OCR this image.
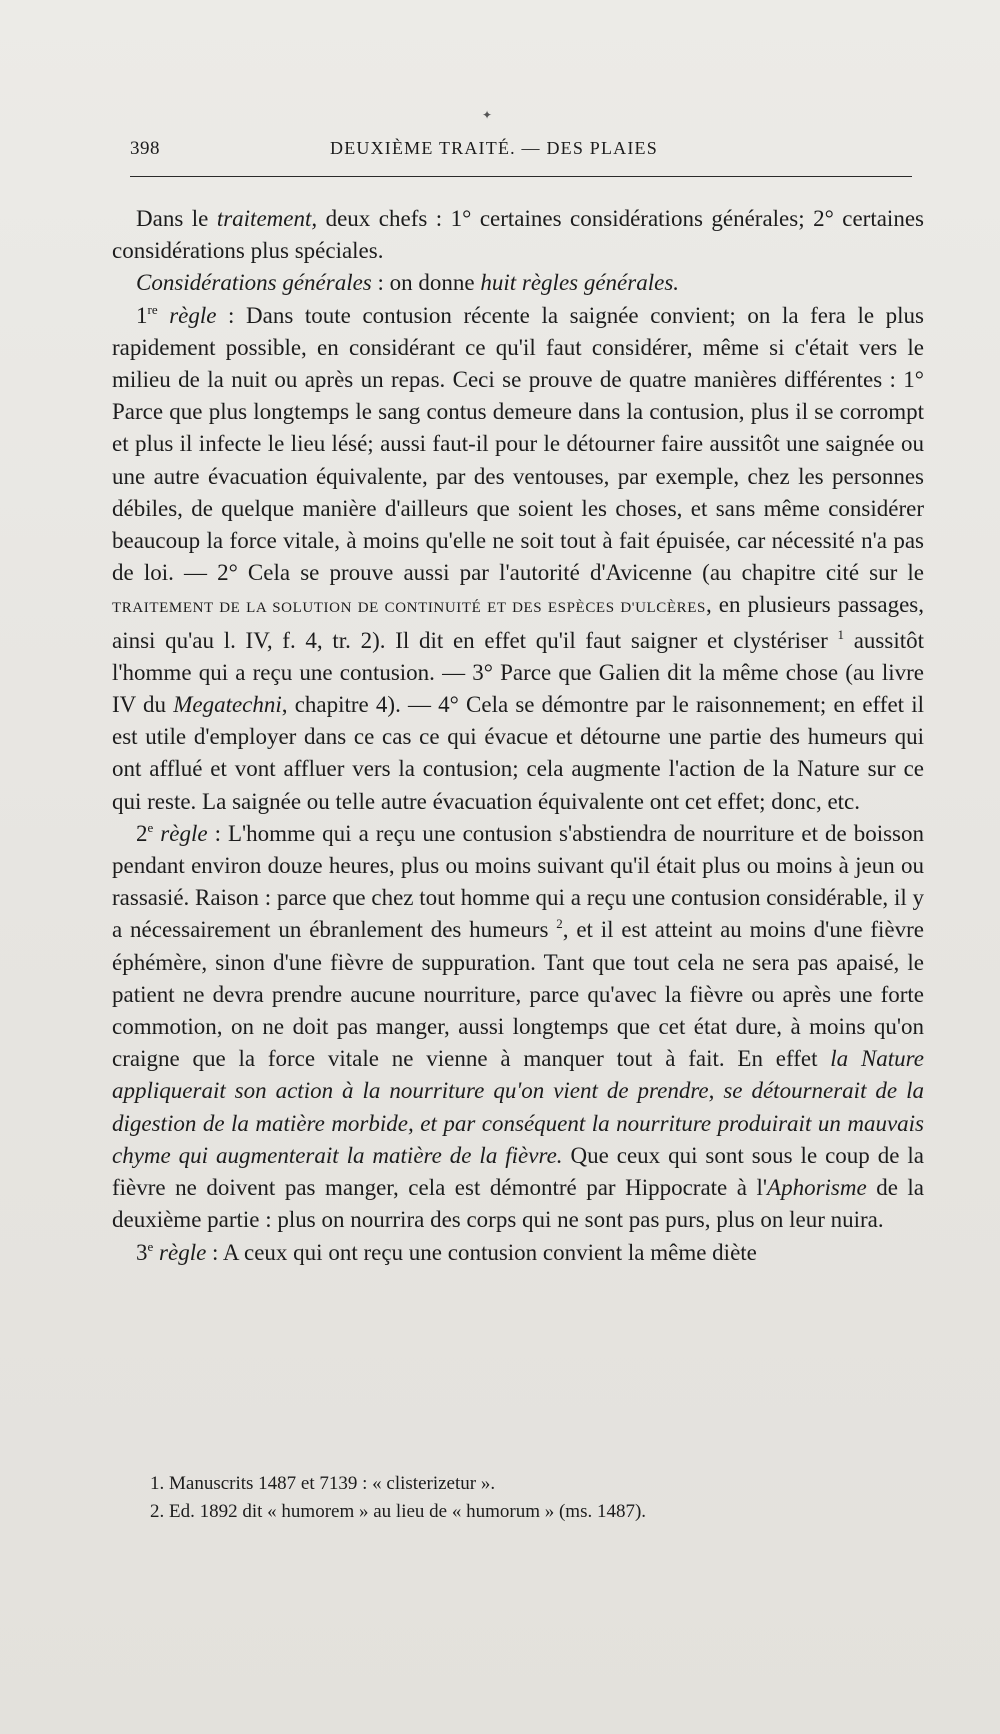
✦
398	DEUXIÈME TRAITÉ. — DES PLAIES

Dans le traitement, deux chefs : 1° certaines considérations générales; 2° certaines considérations plus spéciales.

Considérations générales : on donne huit règles générales.

1re règle : Dans toute contusion récente la saignée convient; on la fera le plus rapidement possible, en considérant ce qu'il faut considérer, même si c'était vers le milieu de la nuit ou après un repas. Ceci se prouve de quatre manières différentes : 1° Parce que plus longtemps le sang contus demeure dans la contusion, plus il se corrompt et plus il infecte le lieu lésé; aussi faut-il pour le détourner faire aussitôt une saignée ou une autre évacuation équivalente, par des ventouses, par exemple, chez les personnes débiles, de quelque manière d'ailleurs que soient les choses, et sans même considérer beaucoup la force vitale, à moins qu'elle ne soit tout à fait épuisée, car nécessité n'a pas de loi. — 2° Cela se prouve aussi par l'autorité d'Avicenne (au chapitre cité sur le TRAITEMENT DE LA SOLUTION DE CONTINUITÉ ET DES ESPÈCES D'ULCÈRES, en plusieurs passages, ainsi qu'au l. IV, f. 4, tr. 2). Il dit en effet qu'il faut saigner et clystériser $^1$ aussitôt l'homme qui a reçu une contusion. — 3° Parce que Galien dit la même chose (au livre IV du Megatechni, chapitre 4). — 4° Cela se démontre par le raisonnement; en effet il est utile d'employer dans ce cas ce qui évacue et détourne une partie des humeurs qui ont afflué et vont affluer vers la contusion; cela augmente l'action de la Nature sur ce qui reste. La saignée ou telle autre évacuation équivalente ont cet effet; donc, etc.

2e règle : L'homme qui a reçu une contusion s'abstiendra de nourriture et de boisson pendant environ douze heures, plus ou moins suivant qu'il était plus ou moins à jeun ou rassasié. Raison : parce que chez tout homme qui a reçu une contusion considérable, il y a nécessairement un ébranlement des humeurs $^2$, et il est atteint au moins d'une fièvre éphémère, sinon d'une fièvre de suppuration. Tant que tout cela ne sera pas apaisé, le patient ne devra prendre aucune nourriture, parce qu'avec la fièvre ou après une forte commotion, on ne doit pas manger, aussi longtemps que cet état dure, à moins qu'on craigne que la force vitale ne vienne à manquer tout à fait. En effet la Nature appliquerait son action à la nourriture qu'on vient de prendre, se détournerait de la digestion de la matière morbide, et par conséquent la nourriture produirait un mauvais chyme qui augmenterait la matière de la fièvre. Que ceux qui sont sous le coup de la fièvre ne doivent pas manger, cela est démontré par Hippocrate à l'Aphorisme de la deuxième partie : plus on nourrira des corps qui ne sont pas purs, plus on leur nuira.

3e règle : A ceux qui ont reçu une contusion convient la même diète

1. Manuscrits 1487 et 7139 : « clisterizetur ».

2. Ed. 1892 dit « humorem » au lieu de « humorum » (ms. 1487).
